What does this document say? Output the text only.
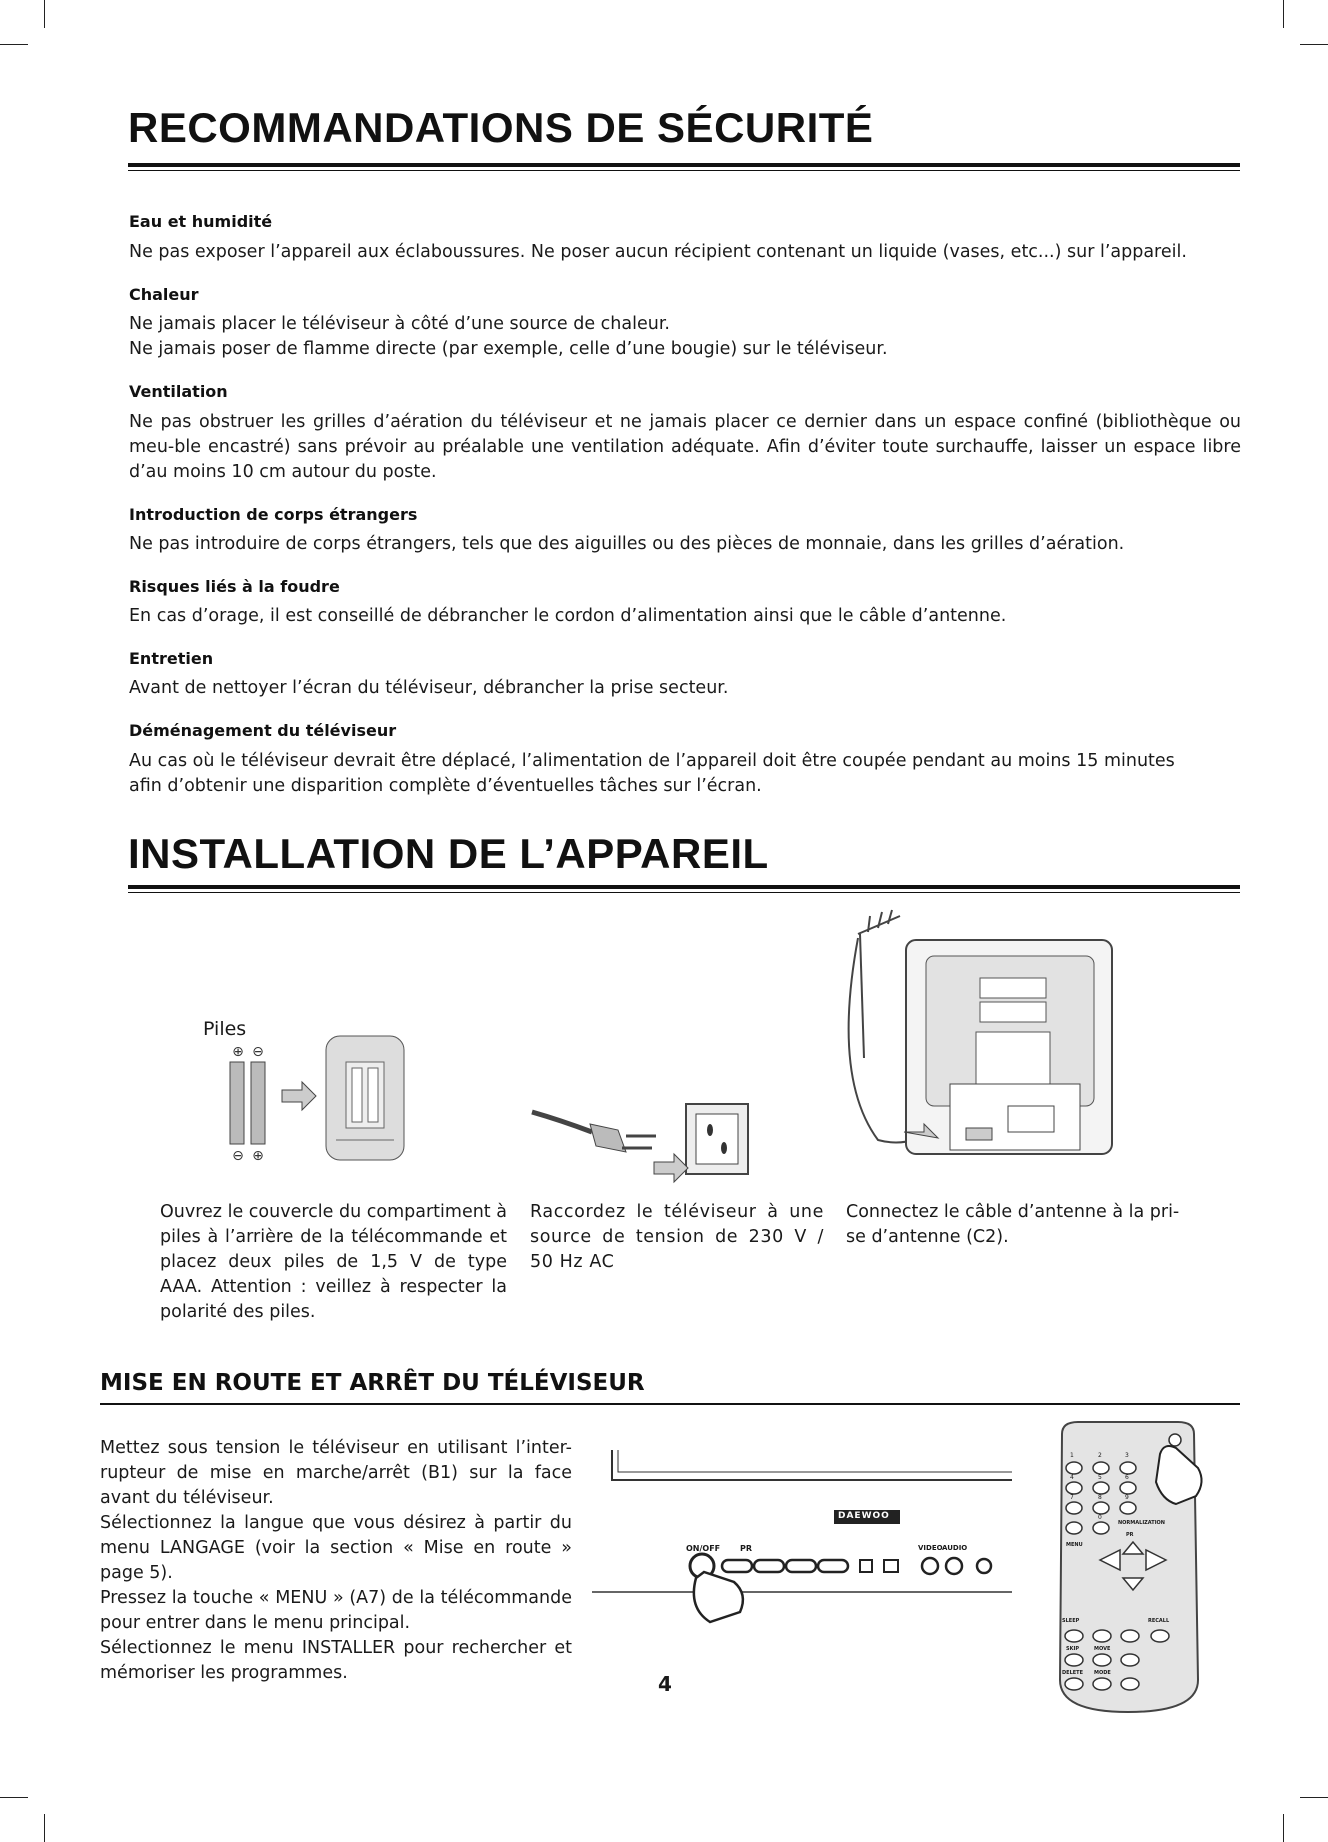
RECOMMANDATIONS DE SÉCURITÉ
Eau et humidité
Ne pas exposer l’appareil aux éclaboussures. Ne poser aucun récipient contenant un liquide (vases, etc...) sur l’appareil.
Chaleur
Ne jamais placer le téléviseur à côté d’une source de chaleur.
Ne jamais poser de flamme directe (par exemple, celle d’une bougie) sur le téléviseur.
Ventilation
Ne pas obstruer les grilles d’aération du téléviseur et ne jamais placer ce dernier dans un espace confiné (bibliothèque ou meu-ble encastré) sans prévoir au préalable une ventilation adéquate. Afin d’éviter toute surchauffe, laisser un espace libre d’au moins 10 cm autour du poste.
Introduction de corps étrangers
Ne pas introduire de corps étrangers, tels que des aiguilles ou des pièces de monnaie, dans les grilles d’aération.
Risques liés à la foudre
En cas d’orage, il est conseillé de débrancher le cordon d’alimentation ainsi que le câble d’antenne.
Entretien
Avant de nettoyer l’écran du téléviseur, débrancher la prise secteur.
Déménagement du téléviseur
Au cas où le téléviseur devrait être déplacé, l’alimentation de l’appareil doit être coupée pendant au moins 15 minutes
afin d’obtenir une disparition complète d’éventuelles tâches sur l’écran.
INSTALLATION DE L’APPAREIL
Piles
⊕ ⊖
⊖ ⊕
Ouvrez le couvercle du compartiment à piles à l’arrière de la télécommande et placez deux piles de 1,5 V de type AAA. Attention : veillez à respecter la polarité des piles.
Raccordez le téléviseur à une source de tension de 230 V / 50 Hz AC
Connectez le câble d’antenne à la pri-se d’antenne (C2).
MISE EN ROUTE ET ARRÊT DU TÉLÉVISEUR

Mettez sous tension le téléviseur en utilisant l’inter-rupteur de mise en marche/arrêt (B1) sur la face avant du téléviseur.

Sélectionnez la langue que vous désirez à partir du menu LANGAGE (voir la section « Mise en route » page 5).

Pressez la touche « MENU » (A7) de la télécommande pour entrer dans le menu principal.

Sélectionnez le menu INSTALLER pour rechercher et mémoriser les programmes.

DAEWOO
ON/OFF PR	VIDEO AUDIO
1	2	3
4	5	6
7	8	9
0
NORMALIZATION
MENU
PR
SLEEP	RECALL
SKIP	MOVE
DELETE MODE
4
